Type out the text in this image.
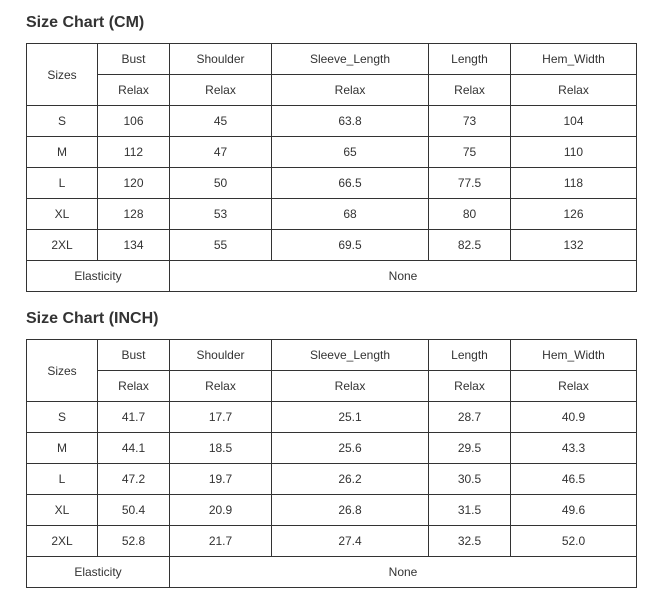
Size Chart (CM)
Sizes	Bust	Shoulder	Sleeve_Length	Length	Hem_Width
	Relax	Relax	Relax	Relax	Relax
S	106	45	63.8	73	104
M	112	47	65	75	110
L	120	50	66.5	77.5	118
XL	128	53	68	80	126
2XL	134	55	69.5	82.5	132
Elasticity		None			
Size Chart (INCH)
Sizes	Bust	Shoulder	Sleeve_Length	Length	Hem_Width
	Relax	Relax	Relax	Relax	Relax
S	41.7	17.7	25.1	28.7	40.9
M	44.1	18.5	25.6	29.5	43.3
L	47.2	19.7	26.2	30.5	46.5
XL	50.4	20.9	26.8	31.5	49.6
2XL	52.8	21.7	27.4	32.5	52.0
Elasticity		None			
